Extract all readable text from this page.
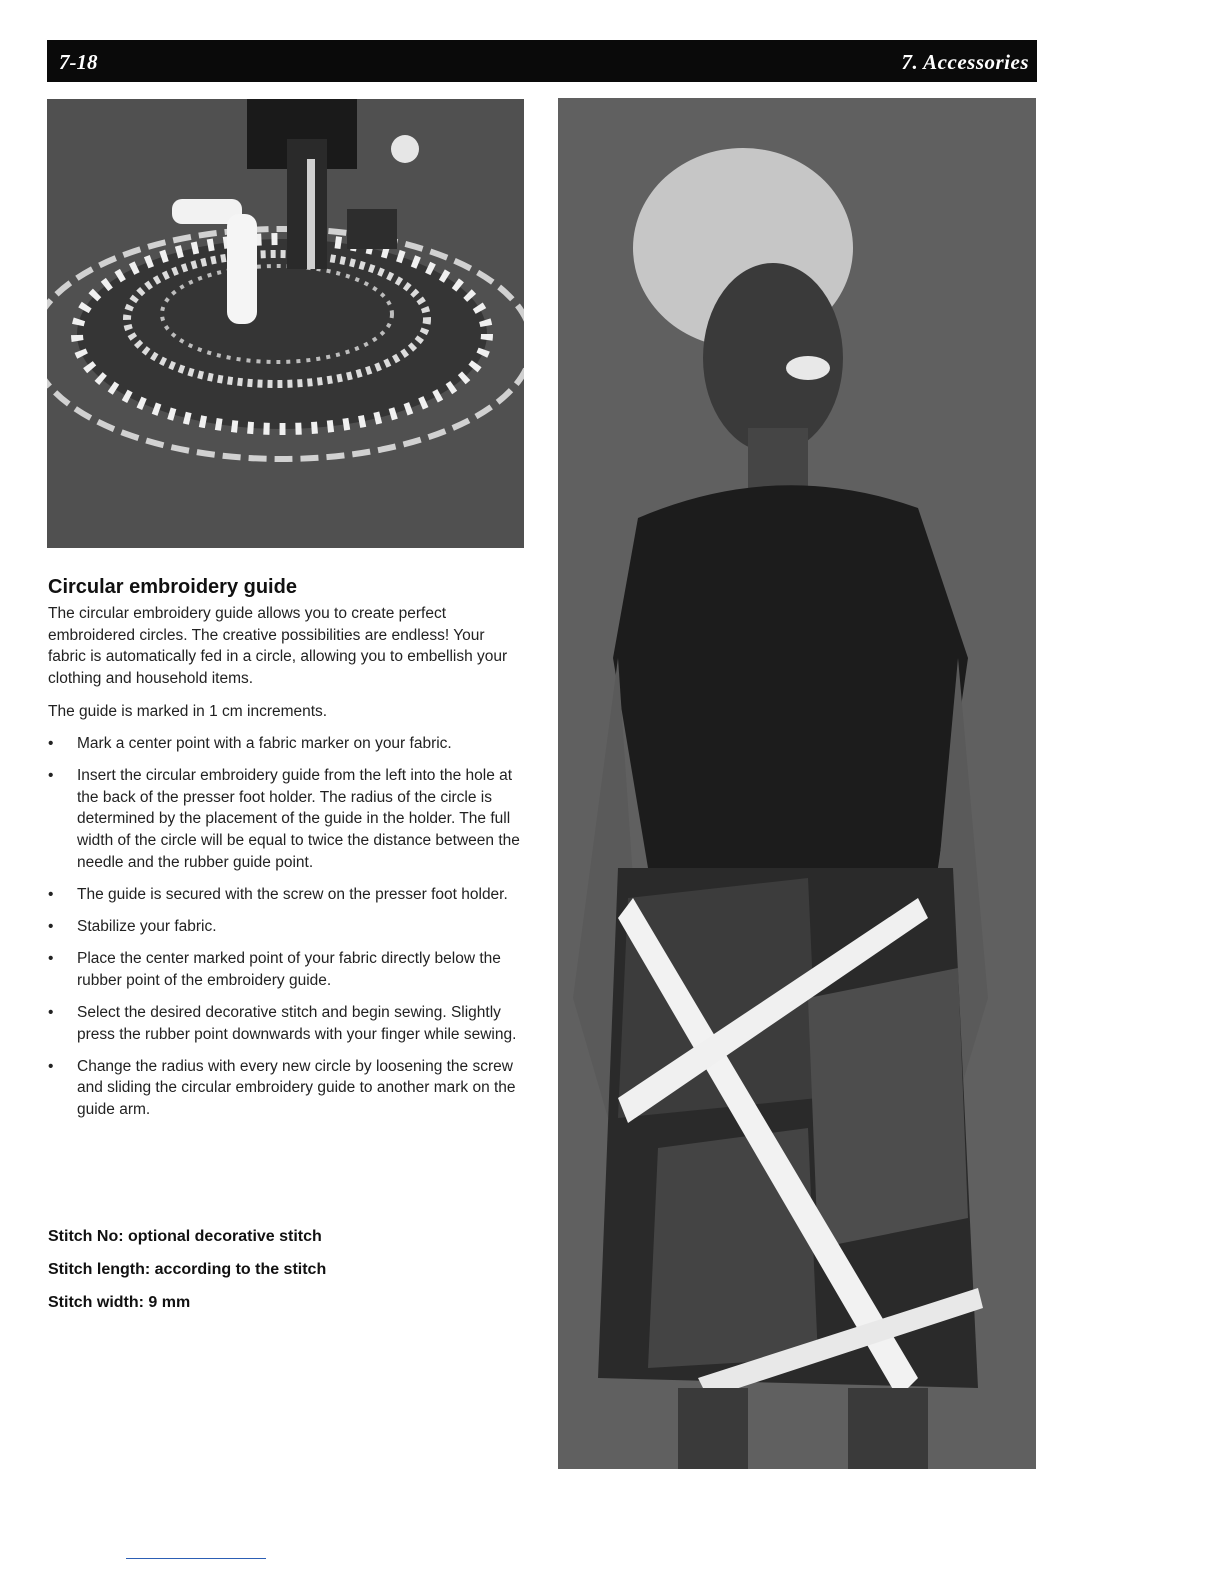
7-18	7. Accessories
Circular embroidery guide

The circular embroidery guide allows you to create perfect embroidered circles. The creative possibilities are endless! Your fabric is automatically fed in a circle, allowing you to embellish your clothing and household items.

The guide is marked in 1 cm increments.

• Mark a center point with a fabric marker on your fabric.
• Insert the circular embroidery guide from the left into the hole at the back of the presser foot holder. The radius of the circle is determined by the placement of the guide in the holder. The full width of the circle will be equal to twice the distance between the needle and the rubber guide point.
• The guide is secured with the screw on the presser foot holder.
• Stabilize your fabric.
• Place the center marked point of your fabric directly below the rubber point of the embroidery guide.
• Select the desired decorative stitch and begin sewing. Slightly press the rubber point downwards with your finger while sewing.
• Change the radius with every new circle by loosening the screw and sliding the circular embroidery guide to another mark on the guide arm.
Stitch No: optional decorative stitch
Stitch length: according to the stitch
Stitch width: 9 mm
